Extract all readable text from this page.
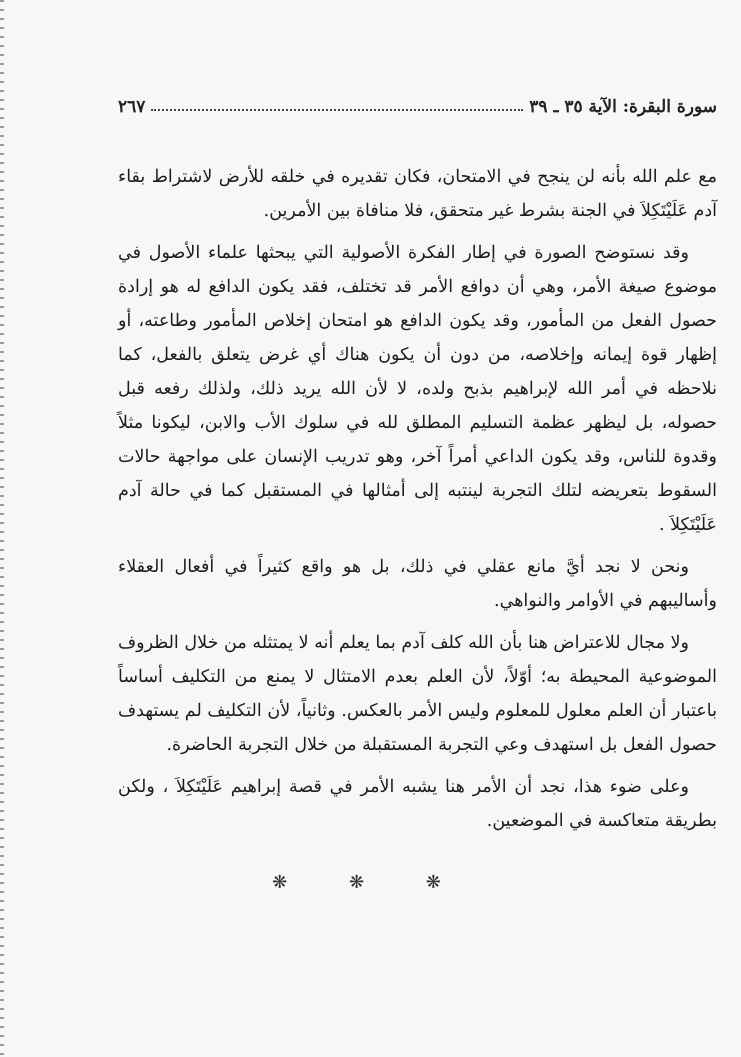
سورة البقرة: الآية ٣٥ ـ ٣٩
٢٦٧

مع علم الله بأنه لن ينجح في الامتحان، فكان تقديره في خلقه للأرض لاشتراط بقاء آدم عَلَيْتَكِلاَ في الجنة بشرط غير متحقق، فلا منافاة بين الأمرين.

وقد نستوضح الصورة في إطار الفكرة الأصولية التي يبحثها علماء الأصول في موضوع صيغة الأمر، وهي أن دوافع الأمر قد تختلف، فقد يكون الدافع له هو إرادة حصول الفعل من المأمور، وقد يكون الدافع هو امتحان إخلاص المأمور وطاعته، أو إظهار قوة إيمانه وإخلاصه، من دون أن يكون هناك أي غرض يتعلق بالفعل، كما نلاحظه في أمر الله لإبراهيم بذبح ولده، لا لأن الله يريد ذلك، ولذلك رفعه قبل حصوله، بل ليظهر عظمة التسليم المطلق لله في سلوك الأب والابن، ليكونا مثلاً وقدوة للناس، وقد يكون الداعي أمراً آخر، وهو تدريب الإنسان على مواجهة حالات السقوط بتعريضه لتلك التجربة لينتبه إلى أمثالها في المستقبل كما في حالة آدم عَلَيْتَكِلاَ .

ونحن لا نجد أيَّ مانع عقلي في ذلك، بل هو واقع كثيراً في أفعال العقلاء وأساليبهم في الأوامر والنواهي.

ولا مجال للاعتراض هنا بأن الله كلف آدم بما يعلم أنه لا يمتثله من خلال الظروف الموضوعية المحيطة به؛ أوّلاً، لأن العلم بعدم الامتثال لا يمنع من التكليف أساساً باعتبار أن العلم معلول للمعلوم وليس الأمر بالعكس. وثانياً، لأن التكليف لم يستهدف حصول الفعل بل استهدف وعي التجربة المستقبلة من خلال التجربة الحاضرة.

وعلى ضوء هذا، نجد أن الأمر هنا يشبه الأمر في قصة إبراهيم عَلَيْتَكِلاَ ، ولكن بطريقة متعاكسة في الموضعين.

❋ ❋ ❋
